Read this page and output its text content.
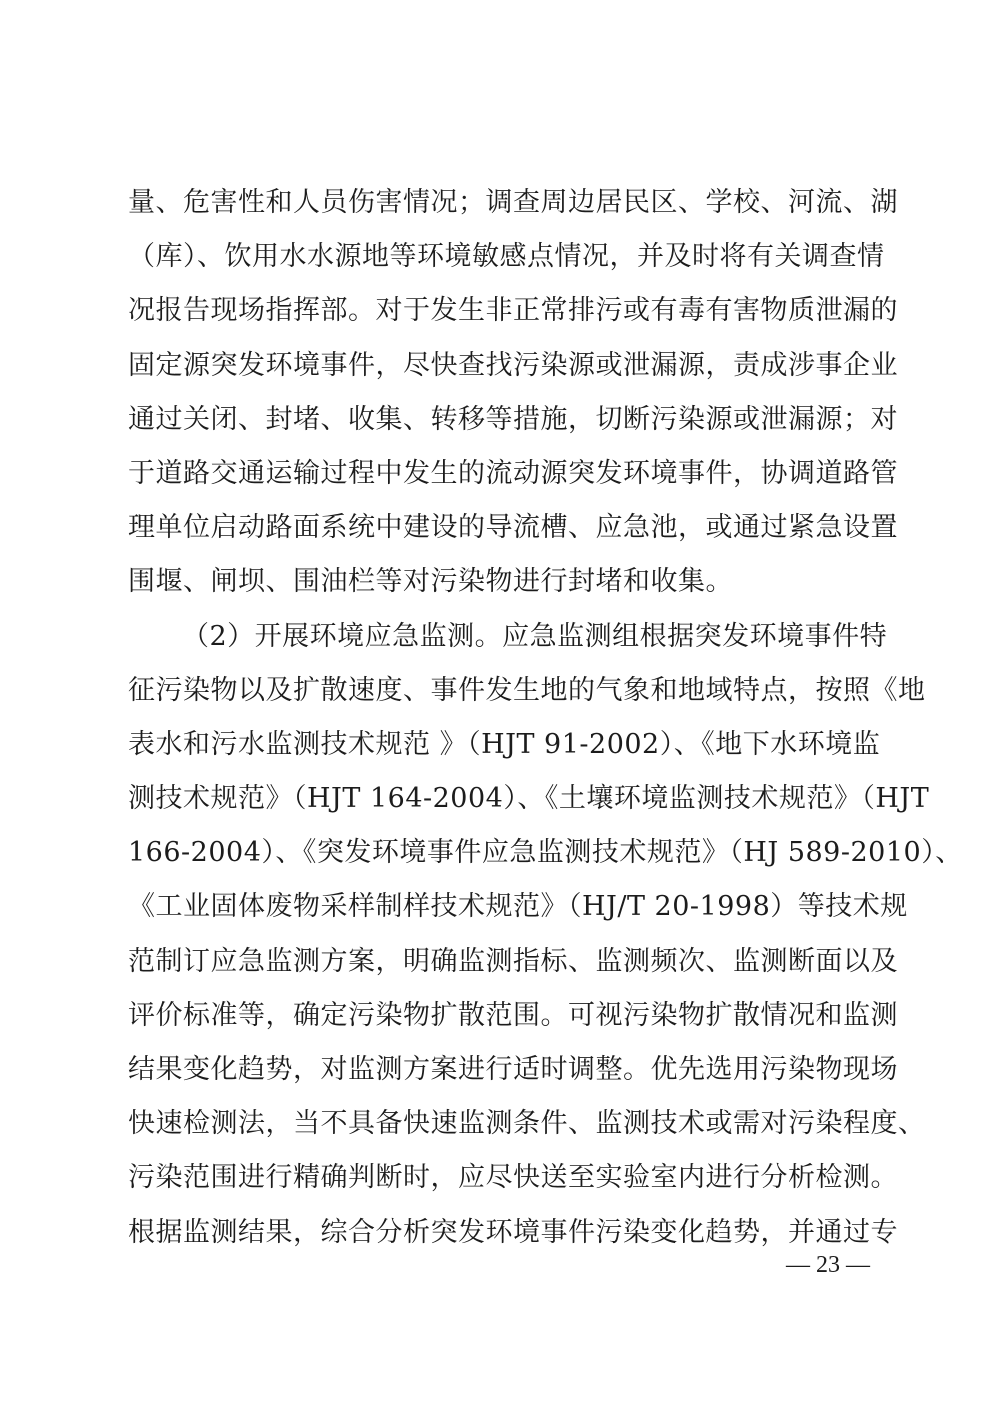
量、危害性和人员伤害情况；调查周边居民区、学校、河流、湖
（库）、饮用水水源地等环境敏感点情况，并及时将有关调查情
况报告现场指挥部。对于发生非正常排污或有毒有害物质泄漏的
固定源突发环境事件，尽快查找污染源或泄漏源，责成涉事企业
通过关闭、封堵、收集、转移等措施，切断污染源或泄漏源；对
于道路交通运输过程中发生的流动源突发环境事件，协调道路管
理单位启动路面系统中建设的导流槽、应急池，或通过紧急设置
围堰、闸坝、围油栏等对污染物进行封堵和收集。
（2）开展环境应急监测。应急监测组根据突发环境事件特
征污染物以及扩散速度、事件发生地的气象和地域特点，按照《地
表水和污水监测技术规范 》（HJT 91-2002）、《地下水环境监
测技术规范》（HJT 164-2004）、《土壤环境监测技术规范》（HJT
166-2004）、《突发环境事件应急监测技术规范》（HJ 589-2010）、
《工业固体废物采样制样技术规范》（HJ/T 20-1998）等技术规
范制订应急监测方案，明确监测指标、监测频次、监测断面以及
评价标准等，确定污染物扩散范围。可视污染物扩散情况和监测
结果变化趋势，对监测方案进行适时调整。优先选用污染物现场
快速检测法，当不具备快速监测条件、监测技术或需对污染程度、
污染范围进行精确判断时，应尽快送至实验室内进行分析检测。
根据监测结果，综合分析突发环境事件污染变化趋势，并通过专
— 23 —
